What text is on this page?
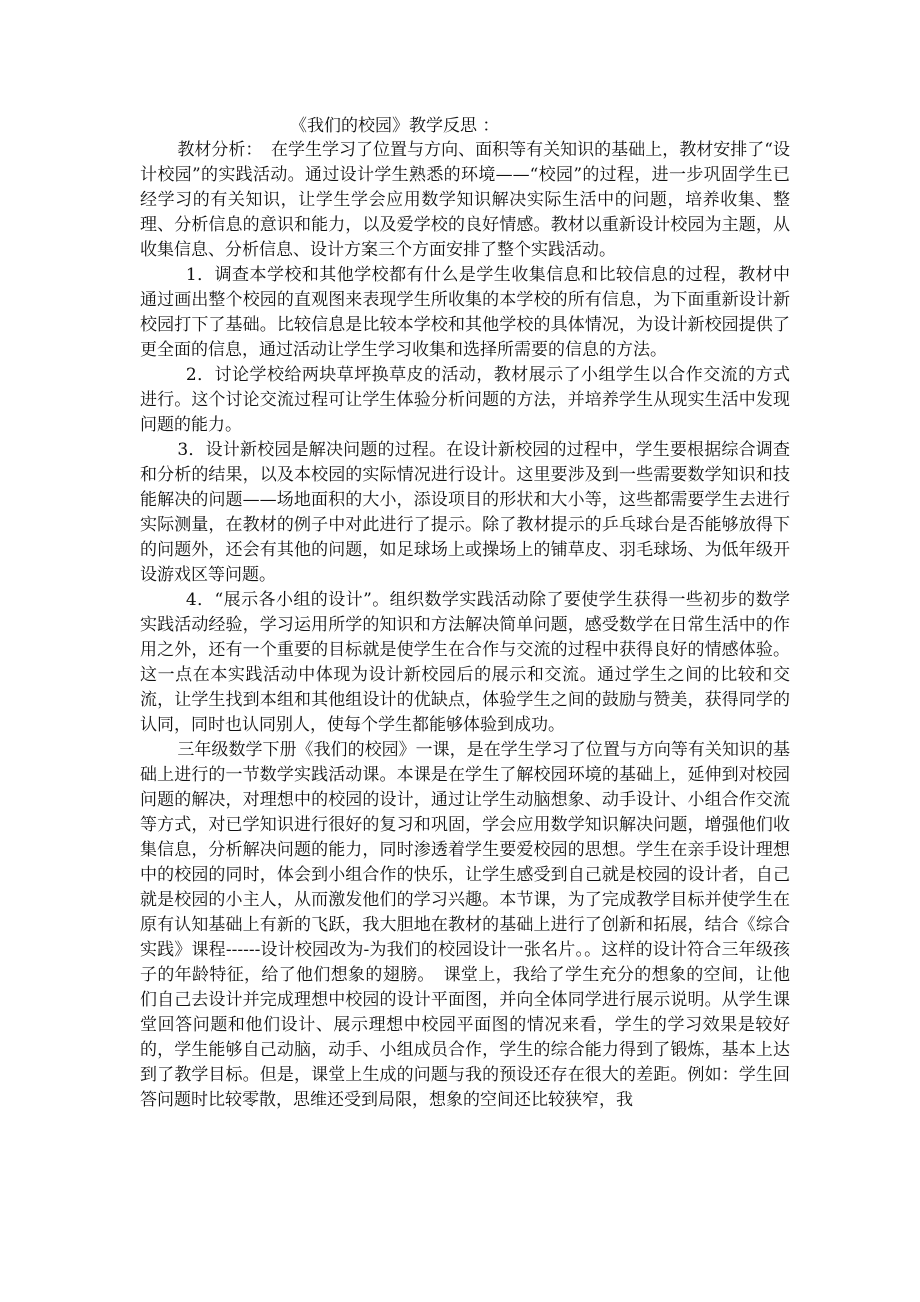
《我们的校园》教学反思 ：

教材分析：　在学生学习了位置与方向、面积等有关知识的基础上，教材安排了“设计校园”的实践活动。通过设计学生熟悉的环境——“校园”的过程，进一步巩固学生已经学习的有关知识，让学生学会应用数学知识解决实际生活中的问题，培养收集、整理、分析信息的意识和能力，以及爱学校的良好情感。教材以重新设计校园为主题，从收集信息、分析信息、设计方案三个方面安排了整个实践活动。

1．调查本学校和其他学校都有什么是学生收集信息和比较信息的过程，教材中通过画出整个校园的直观图来表现学生所收集的本学校的所有信息，为下面重新设计新校园打下了基础。比较信息是比较本学校和其他学校的具体情况，为设计新校园提供了更全面的信息，通过活动让学生学习收集和选择所需要的信息的方法。

2．讨论学校给两块草坪换草皮的活动，教材展示了小组学生以合作交流的方式进行。这个讨论交流过程可让学生体验分析问题的方法，并培养学生从现实生活中发现问题的能力。

3．设计新校园是解决问题的过程。在设计新校园的过程中，学生要根据综合调查和分析的结果，以及本校园的实际情况进行设计。这里要涉及到一些需要数学知识和技能解决的问题——场地面积的大小，添设项目的形状和大小等，这些都需要学生去进行实际测量，在教材的例子中对此进行了提示。除了教材提示的乒乓球台是否能够放得下的问题外，还会有其他的问题，如足球场上或操场上的铺草皮、羽毛球场、为低年级开设游戏区等问题。

4．“展示各小组的设计”。组织数学实践活动除了要使学生获得一些初步的数学实践活动经验，学习运用所学的知识和方法解决简单问题，感受数学在日常生活中的作用之外，还有一个重要的目标就是使学生在合作与交流的过程中获得良好的情感体验。这一点在本实践活动中体现为设计新校园后的展示和交流。通过学生之间的比较和交流，让学生找到本组和其他组设计的优缺点，体验学生之间的鼓励与赞美，获得同学的认同，同时也认同别人，使每个学生都能够体验到成功。

三年级数学下册《我们的校园》一课，是在学生学习了位置与方向等有关知识的基础上进行的一节数学实践活动课。本课是在学生了解校园环境的基础上，延伸到对校园问题的解决，对理想中的校园的设计，通过让学生动脑想象、动手设计、小组合作交流等方式，对已学知识进行很好的复习和巩固，学会应用数学知识解决问题，增强他们收集信息，分析解决问题的能力，同时渗透着学生要爱校园的思想。学生在亲手设计理想中的校园的同时，体会到小组合作的快乐，让学生感受到自己就是校园的设计者，自己就是校园的小主人，从而激发他们的学习兴趣。本节课，为了完成教学目标并使学生在原有认知基础上有新的飞跃，我大胆地在教材的基础上进行了创新和拓展，结合《综合实践》课程------设计校园改为-为我们的校园设计一张名片。。这样的设计符合三年级孩子的年龄特征，给了他们想象的翅膀。　课堂上，我给了学生充分的想象的空间，让他们自己去设计并完成理想中校园的设计平面图，并向全体同学进行展示说明。从学生课堂回答问题和他们设计、展示理想中校园平面图的情况来看，学生的学习效果是较好的，学生能够自己动脑，动手、小组成员合作，学生的综合能力得到了锻炼，基本上达到了教学目标。但是，课堂上生成的问题与我的预设还存在很大的差距。例如：学生回答问题时比较零散，思维还受到局限，想象的空间还比较狭窄，我
